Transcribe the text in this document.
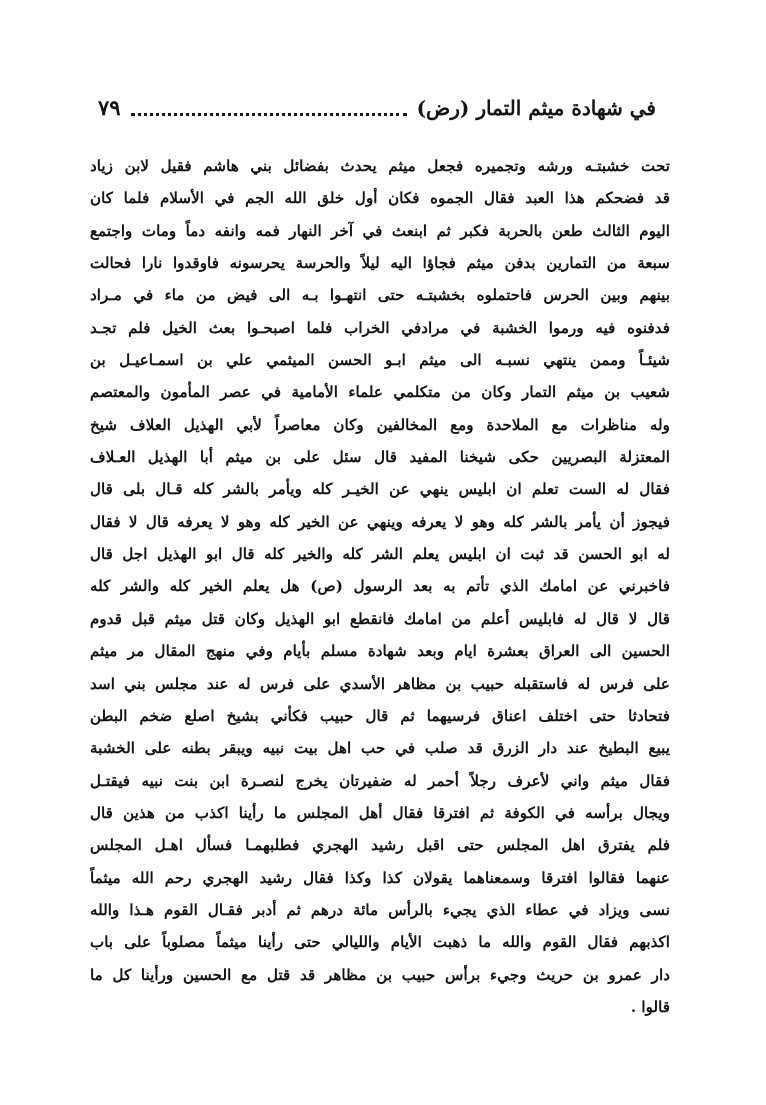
في شهادة ميثم التمار (رض)
٧٩
تحت خشبتـه ورشه وتجميره فجعل ميثم يحدث بفضائل بني هاشم فقيل لابن زياد
قد فضحكم هذا العبد فقال الجموه فكان أول خلق الله الجم في الأسلام فلما كان
اليوم الثالث طعن بالحربة فكبر ثم ابنعث في آخر النهار فمه وانفه دماً ومات واجتمع
سبعة من التمارين بدفن ميثم فجاؤا اليه ليلاً والحرسة يحرسونه فاوقدوا نارا فحالت
بينهم وبين الحرس فاحتملوه بخشبتـه حتى انتهـوا بـه الى فيض من ماء في مـراد
فدفنوه فيه ورموا الخشبة في مرادفي الخراب فلما اصبحـوا بعث الخيل فلم تجـد
شيئـاً وممن ينتهي نسبـه الى ميثم ابـو الحسن الميثمي علي بن اسمـاعيـل بن
شعيب بن ميثم التمار وكان من متكلمي علماء الأمامية في عصر المأمون والمعتصم
وله مناظرات مع الملاحدة ومع المخالفين وكان معاصراً لأبي الهذيل العلاف شيخ
المعتزلة البصريين حكى شيخنا المفيد قال سئل على بن ميثم أبا الهذيل العـلاف
فقال له الست تعلم ان ابليس ينهي عن الخيـر كله ويأمر بالشر كله قـال بلى قال
فيجوز أن يأمر بالشر كله وهو لا يعرفه وينهي عن الخير كله وهو لا يعرفه قال لا فقال
له ابو الحسن قد ثبت ان ابليس يعلم الشر كله والخير كله قال ابو الهذيل اجل قال
فاخبرني عن امامك الذي تأتم به بعد الرسول (ص) هل يعلم الخير كله والشر كله
قال لا قال له فابليس أعلم من امامك فانقطع ابو الهذيل وكان قتل ميثم قبل قدوم
الحسين الى العراق بعشرة ايام وبعد شهادة مسلم بأيام وفي منهج المقال مر ميثم
على فرس له فاستقبله حبيب بن مظاهر الأسدي على فرس له عند مجلس بني اسد
فتحادثا حتى اختلف اعناق فرسيهما ثم قال حبيب فكأني بشيخ اصلع ضخم البطن
يبيع البطيخ عند دار الزرق قد صلب في حب اهل بيت نبيه ويبقر بطنه على الخشبة
فقال ميثم واني لأعرف رجلاً أحمر له ضفيرتان يخرج لنصـرة ابن بنت نبيه فيقتـل
ويجال برأسه في الكوفة ثم افترقا فقال أهل المجلس ما رأينا اكذب من هذين قال
فلم يفترق اهل المجلس حتى اقبل رشيد الهجري فطلبهمـا فسأل اهـل المجلس
عنهما فقالوا افترقا وسمعناهما يقولان كذا وكذا فقال رشيد الهجري رحم الله ميثماً
نسى ويزاد في عطاء الذي يجيء بالرأس مائة درهم ثم أدبر فقـال القوم هـذا والله
اكذبهم فقال القوم والله ما ذهبت الأيام والليالي حتى رأينا ميثماً مصلوباً على باب
دار عمرو بن حريث وجيء برأس حبيب بن مظاهر قد قتل مع الحسين ورأينا كل ما
قالوا .
